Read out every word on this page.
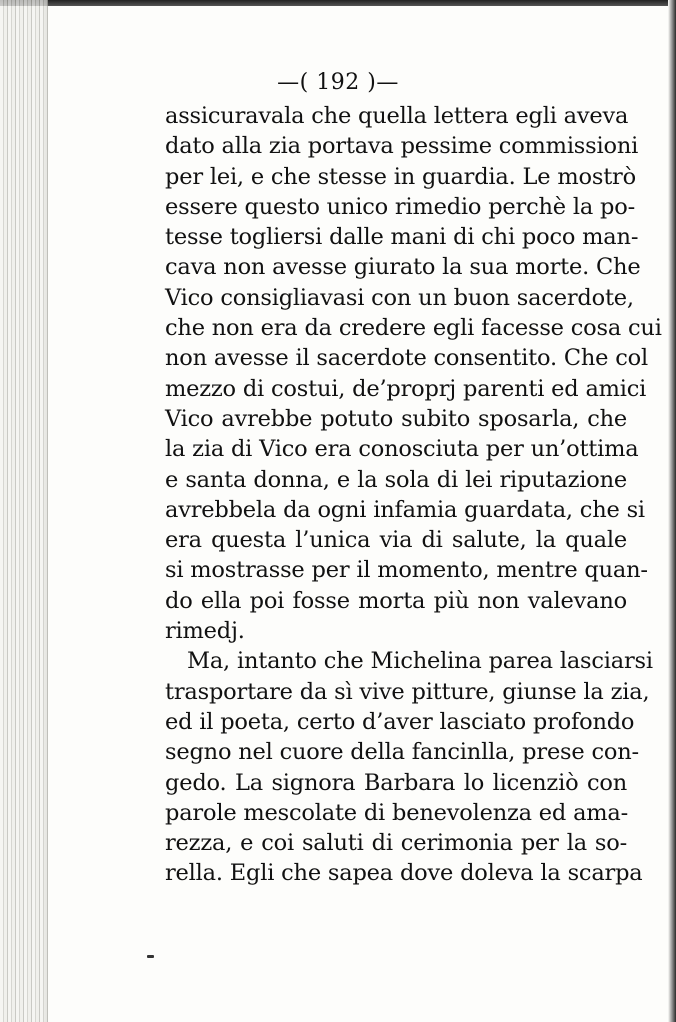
—( 192 )—
assicuravala che quella lettera egli aveva
dato alla zia portava pessime commissioni
per lei, e che stesse in guardia. Le mostrò
essere questo unico rimedio perchè la po-
tesse togliersi dalle mani di chi poco man-
cava non avesse giurato la sua morte. Che
Vico consigliavasi con un buon sacerdote,
che non era da credere egli facesse cosa cui
non avesse il sacerdote consentito. Che col
mezzo di costui, de’proprj parenti ed amici
Vico avrebbe potuto subito sposarla, che
la zia di Vico era conosciuta per un’ottima
e santa donna, e la sola di lei riputazione
avrebbela da ogni infamia guardata, che si
era questa l’unica via di salute, la quale
si mostrasse per il momento, mentre quan-
do ella poi fosse morta più non valevano
rimedj.
Ma, intanto che Michelina parea lasciarsi
trasportare da sì vive pitture, giunse la zia,
ed il poeta, certo d’aver lasciato profondo
segno nel cuore della fancinlla, prese con-
gedo. La signora Barbara lo licenziò con
parole mescolate di benevolenza ed ama-
rezza, e coi saluti di cerimonia per la so-
rella. Egli che sapea dove doleva la scarpa
